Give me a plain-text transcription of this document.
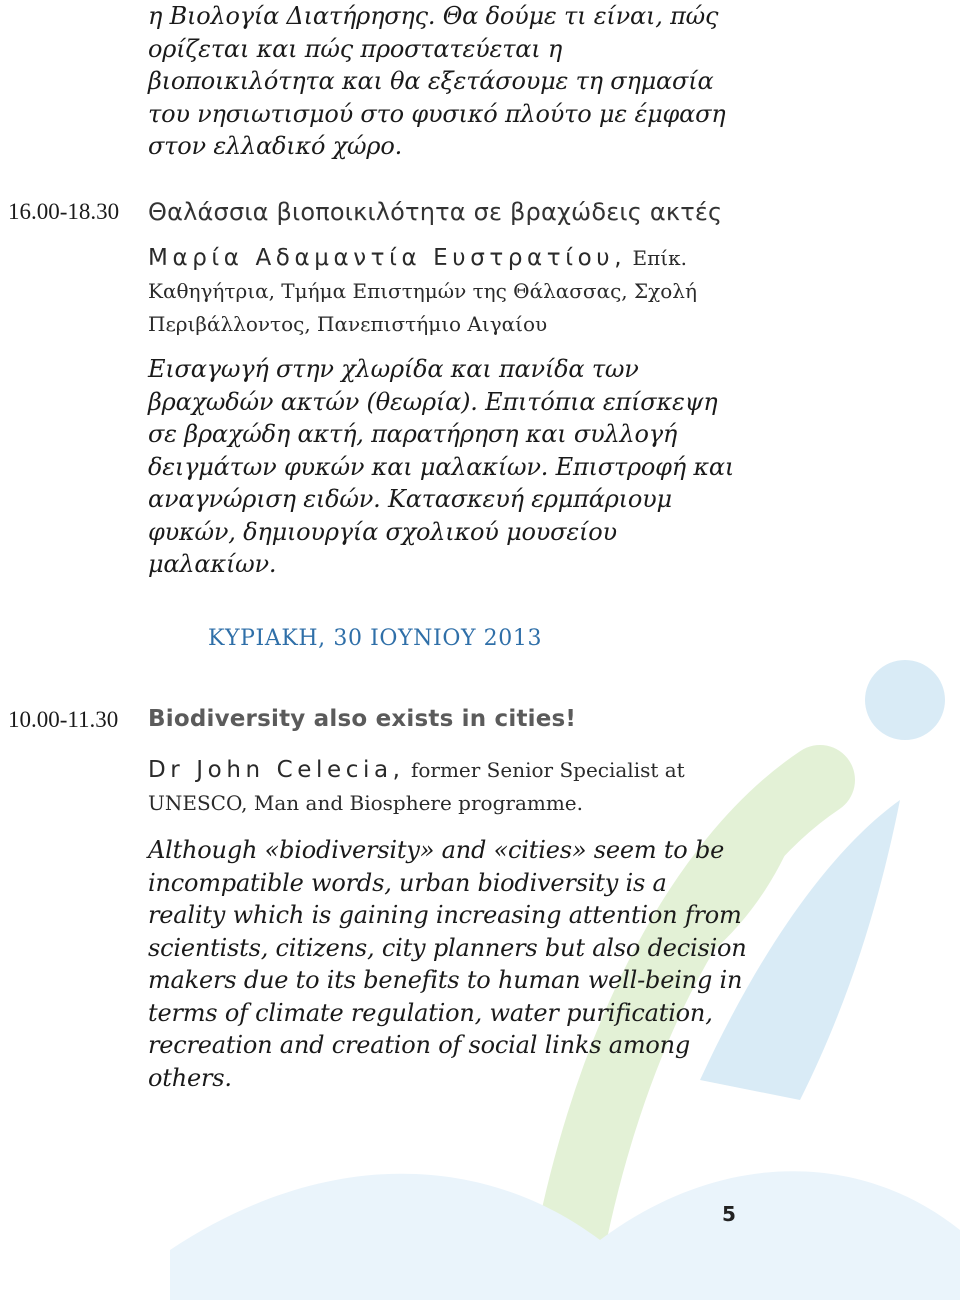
η Βιολογία Διατήρησης. Θα δούμε τι είναι, πώς ορίζεται και πώς προστατεύεται η βιοποικιλότητα και θα εξετάσουμε τη σημασία του νησιωτισμού στο φυσικό πλούτο με έμφαση στον ελλαδικό χώρο.

16.00-18.30 Θαλάσσια βιοποικιλότητα σε βραχώδεις ακτές

Μαρία Αδαμαντία Ευστρατίου, Επίκ. Καθηγήτρια, Τμήμα Επιστημών της Θάλασσας, Σχολή Περιβάλλοντος, Πανεπιστήμιο Αιγαίου

Εισαγωγή στην χλωρίδα και πανίδα των βραχωδών ακτών (θεωρία). Επιτόπια επίσκεψη σε βραχώδη ακτή, παρατήρηση και συλλογή δειγμάτων φυκών και μαλακίων. Επιστροφή και αναγνώριση ειδών. Κατασκευή ερμπάριουμ φυκών, δημιουργία σχολικού μουσείου μαλακίων.

ΚΥΡΙΑΚΗ, 30 ΙΟΥΝΙΟΥ 2013

10.00-11.30 Biodiversity also exists in cities!

Dr John Celecia, former Senior Specialist at UNESCO, Man and Biosphere programme.

Although «biodiversity» and «cities» seem to be incompatible words, urban biodiversity is a reality which is gaining increasing attention from scientists, citizens, city planners but also decision makers due to its benefits to human well-being in terms of climate regulation, water purification, recreation and creation of social links among others.

5
